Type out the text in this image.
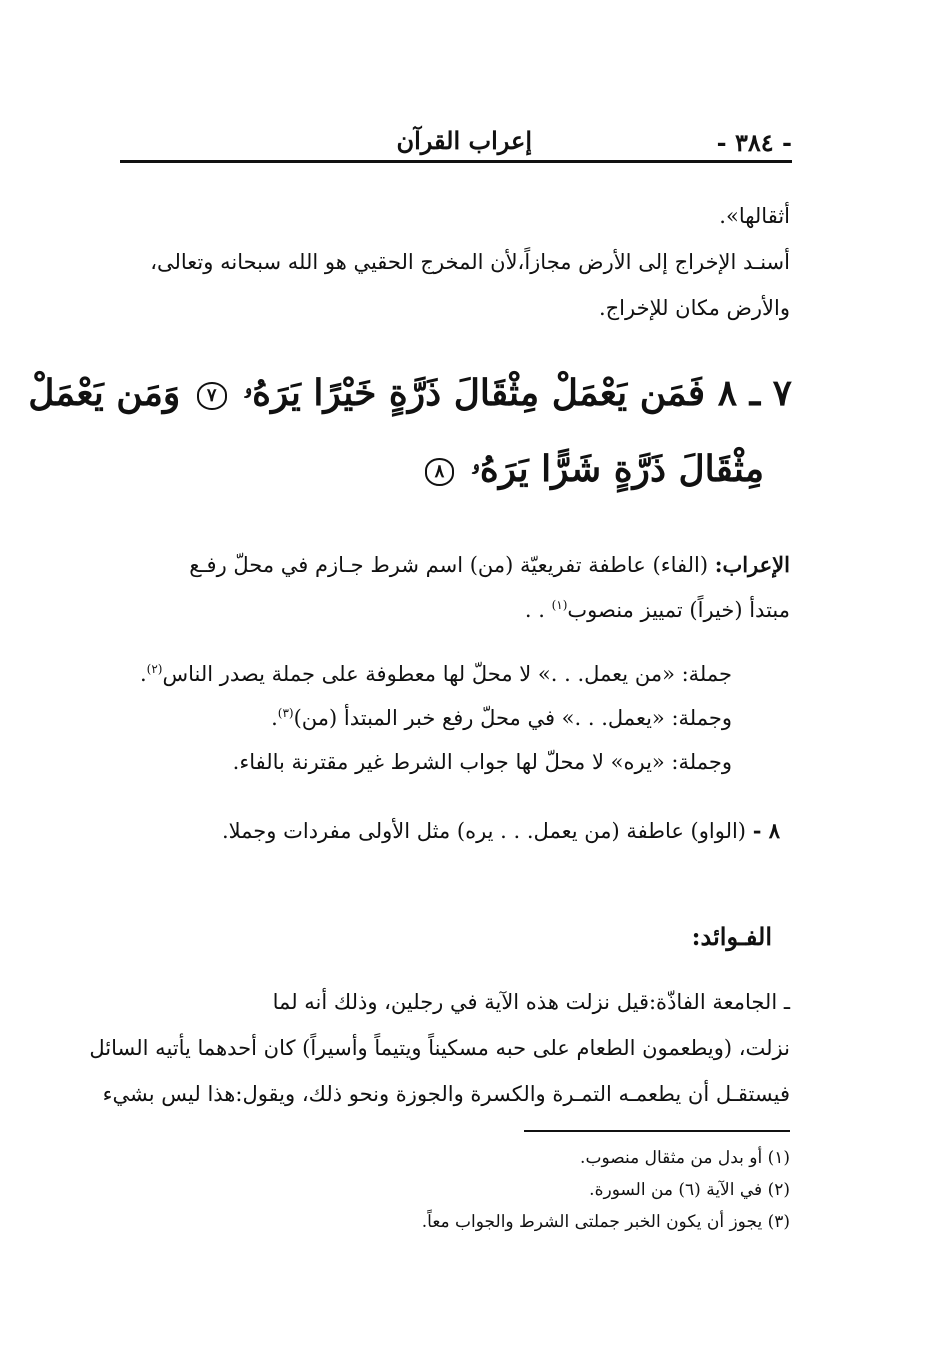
- ٣٨٤ -
إعراب القرآن
أثقالها».
أسنـد الإخراج إلى الأرض مجازاً،لأن المخرج الحقيي هو الله سبحانه وتعالى،
والأرض مكان للإخراج.
٧ ـ ٨ فَمَن يَعْمَلْ مِثْقَالَ ذَرَّةٍ خَيْرًا يَرَهُۥ ٧ وَمَن يَعْمَلْ
مِثْقَالَ ذَرَّةٍ شَرًّا يَرَهُۥ ٨
الإعراب: (الفاء) عاطفة تفريعيّة (من) اسم شرط جـازم في محلّ رفـع
مبتدأ (خيراً) تمييز منصوب$^{(١)}$ . .
جملة: «من يعمل. . .» لا محلّ لها معطوفة على جملة يصدر الناس$^{(٢)}$.
وجملة: «يعمل. . .» في محلّ رفع خبر المبتدأ (من)$^{(٣)}$.
وجملة: «يره» لا محلّ لها جواب الشرط غير مقترنة بالفاء.
٨ - (الواو) عاطفة (من يعمل. . . يره) مثل الأولى مفردات وجملا.
الفـوائد:
ـ الجامعة الفاذّة:قيل نزلت هذه الآية في رجلين، وذلك أنه لما
نزلت، (ويطعمون الطعام على حبه مسكيناً ويتيماً وأسيراً) كان أحدهما يأتيه السائل
فيستقـل أن يطعمـه التمـرة والكسرة والجوزة ونحو ذلك، ويقول:هذا ليس بشيء
(١) أو بدل من مثقال منصوب.
(٢) في الآية (٦) من السورة.
(٣) يجوز أن يكون الخبر جملتى الشرط والجواب معاً.
